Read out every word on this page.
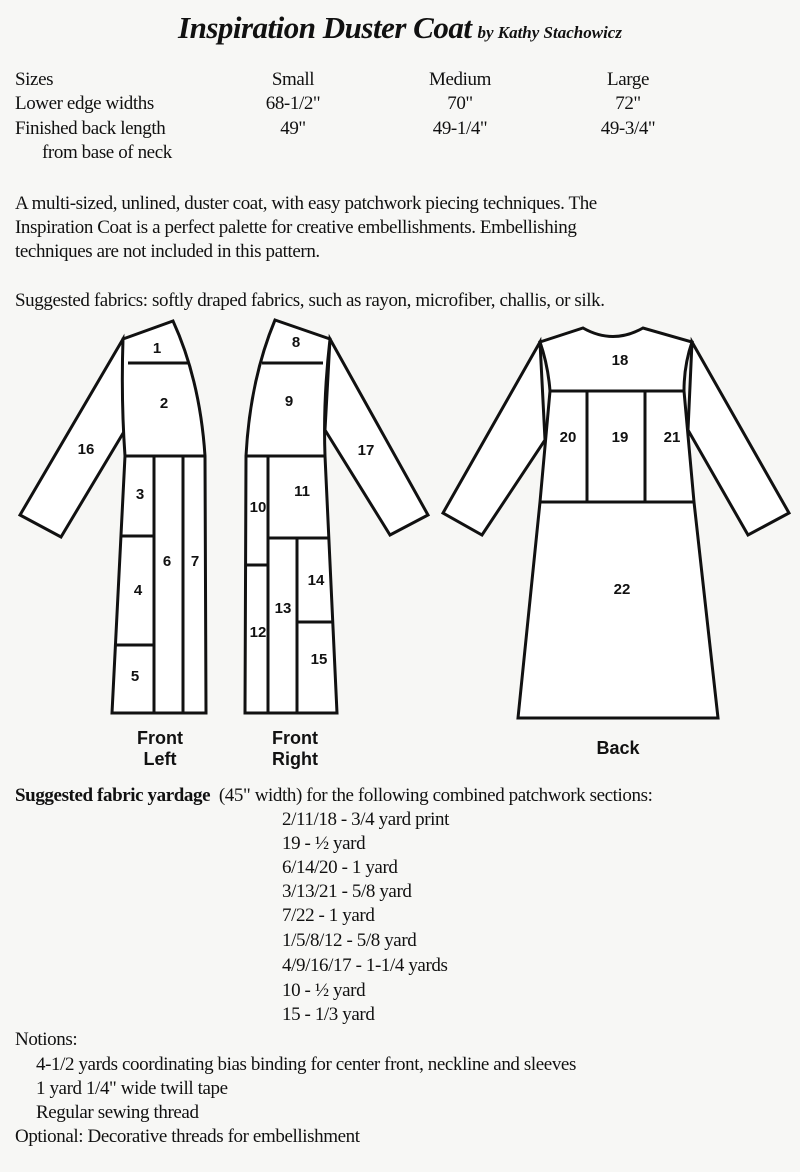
Inspiration Duster Coat by Kathy Stachowicz
Sizes	Small	Medium	Large
Lower edge widths	68-1/2"	70"	72"
Finished back length	49"	49-1/4"	49-3/4"
from base of neck
A multi-sized, unlined, duster coat, with easy patchwork piecing techniques. The
Inspiration Coat is a perfect palette for creative embellishments. Embellishing
techniques are not included in this pattern.
Suggested fabrics: softly draped fabrics, such as rayon, microfiber, challis, or silk.
1
2
3
4
5
6 7
16
Front
Left
8
9
10
11
12
13
14
15
17
Front
Right
18
19
20	21
22
Back
Suggested fabric yardage (45" width) for the following combined patchwork sections:
2/11/18 - 3/4 yard print
19 - ½ yard
6/14/20 - 1 yard
3/13/21 - 5/8 yard
7/22 - 1 yard
1/5/8/12 - 5/8 yard
4/9/16/17 - 1-1/4 yards
10 - ½ yard
15 - 1/3 yard
Notions:
4-1/2 yards coordinating bias binding for center front, neckline and sleeves
1 yard 1/4" wide twill tape
Regular sewing thread
Optional: Decorative threads for embellishment
